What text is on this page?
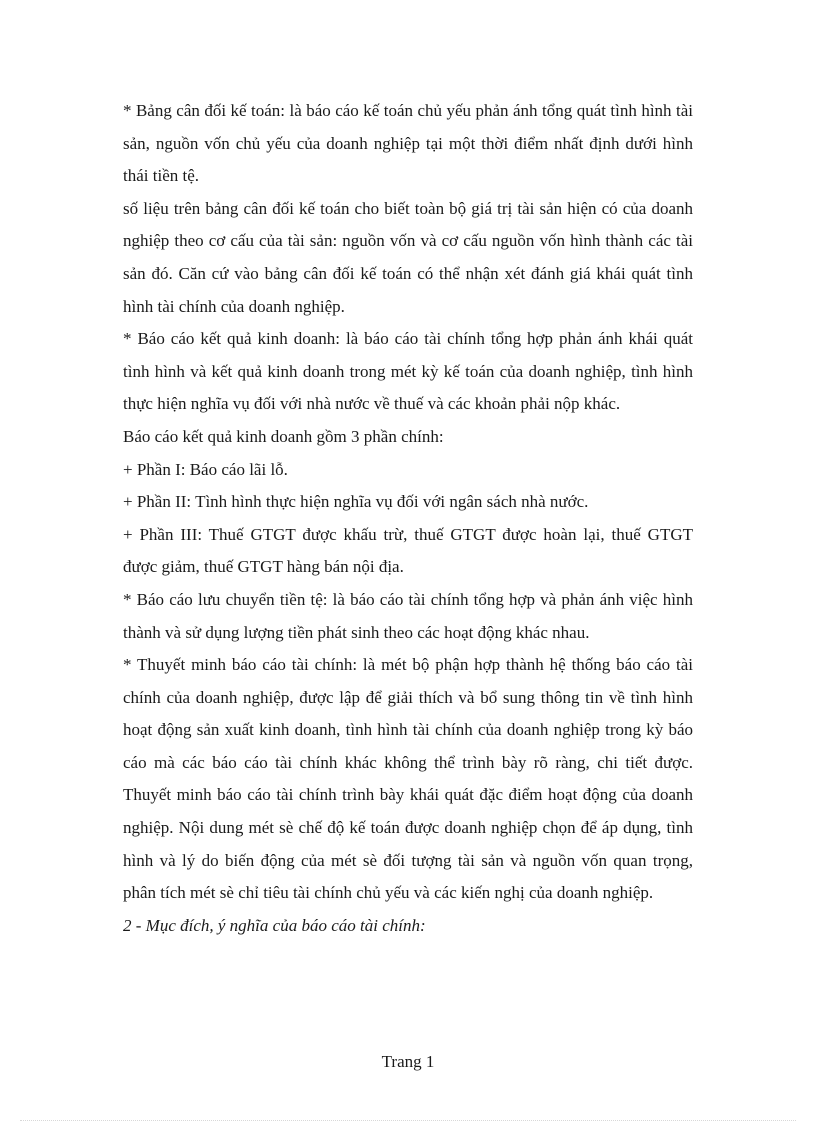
* Bảng cân đối kế toán: là báo cáo kế toán chủ yếu phản ánh tổng quát tình hình tài sản, nguồn vốn chủ yếu của doanh nghiệp tại một thời điểm nhất định dưới hình thái tiền tệ.

số liệu trên bảng cân đối kế toán cho biết toàn bộ giá trị tài sản hiện có của doanh nghiệp theo cơ cấu của tài sản: nguồn vốn và cơ cấu nguồn vốn hình thành các tài sản đó. Căn cứ vào bảng cân đối kế toán có thể nhận xét đánh giá khái quát tình hình tài chính của doanh nghiệp.

* Báo cáo kết quả kinh doanh: là báo cáo tài chính tổng hợp phản ánh khái quát tình hình và kết quả kinh doanh trong mét kỳ kế toán của doanh nghiệp, tình hình thực hiện nghĩa vụ đối với nhà nước về thuế và các khoản phải nộp khác.

Báo cáo kết quả kinh doanh gồm 3 phần chính:

+ Phần I: Báo cáo lãi lỗ.

+ Phần II: Tình hình thực hiện nghĩa vụ đối với ngân sách nhà nước.

+ Phần III: Thuế GTGT được khấu trừ, thuế GTGT được hoàn lại, thuế GTGT được giảm, thuế GTGT hàng bán nội địa.

* Báo cáo lưu chuyển tiền tệ: là báo cáo tài chính tổng hợp và phản ánh việc hình thành và sử dụng lượng tiền phát sinh theo các hoạt động khác nhau.

* Thuyết minh báo cáo tài chính: là mét bộ phận hợp thành hệ thống báo cáo tài chính của doanh nghiệp, được lập để giải thích và bổ sung thông tin về tình hình hoạt động sản xuất kinh doanh, tình hình tài chính của doanh nghiệp trong kỳ báo cáo mà các báo cáo tài chính khác không thể trình bày rõ ràng, chi tiết được. Thuyết minh báo cáo tài chính trình bày khái quát đặc điểm hoạt động của doanh nghiệp. Nội dung mét sè chế độ kế toán được doanh nghiệp chọn để áp dụng, tình hình và lý do biến động của mét sè đối tượng tài sản và nguồn vốn quan trọng, phân tích mét sè chỉ tiêu tài chính chủ yếu và các kiến nghị của doanh nghiệp.

2 - Mục đích, ý nghĩa của báo cáo tài chính:

Trang 1
